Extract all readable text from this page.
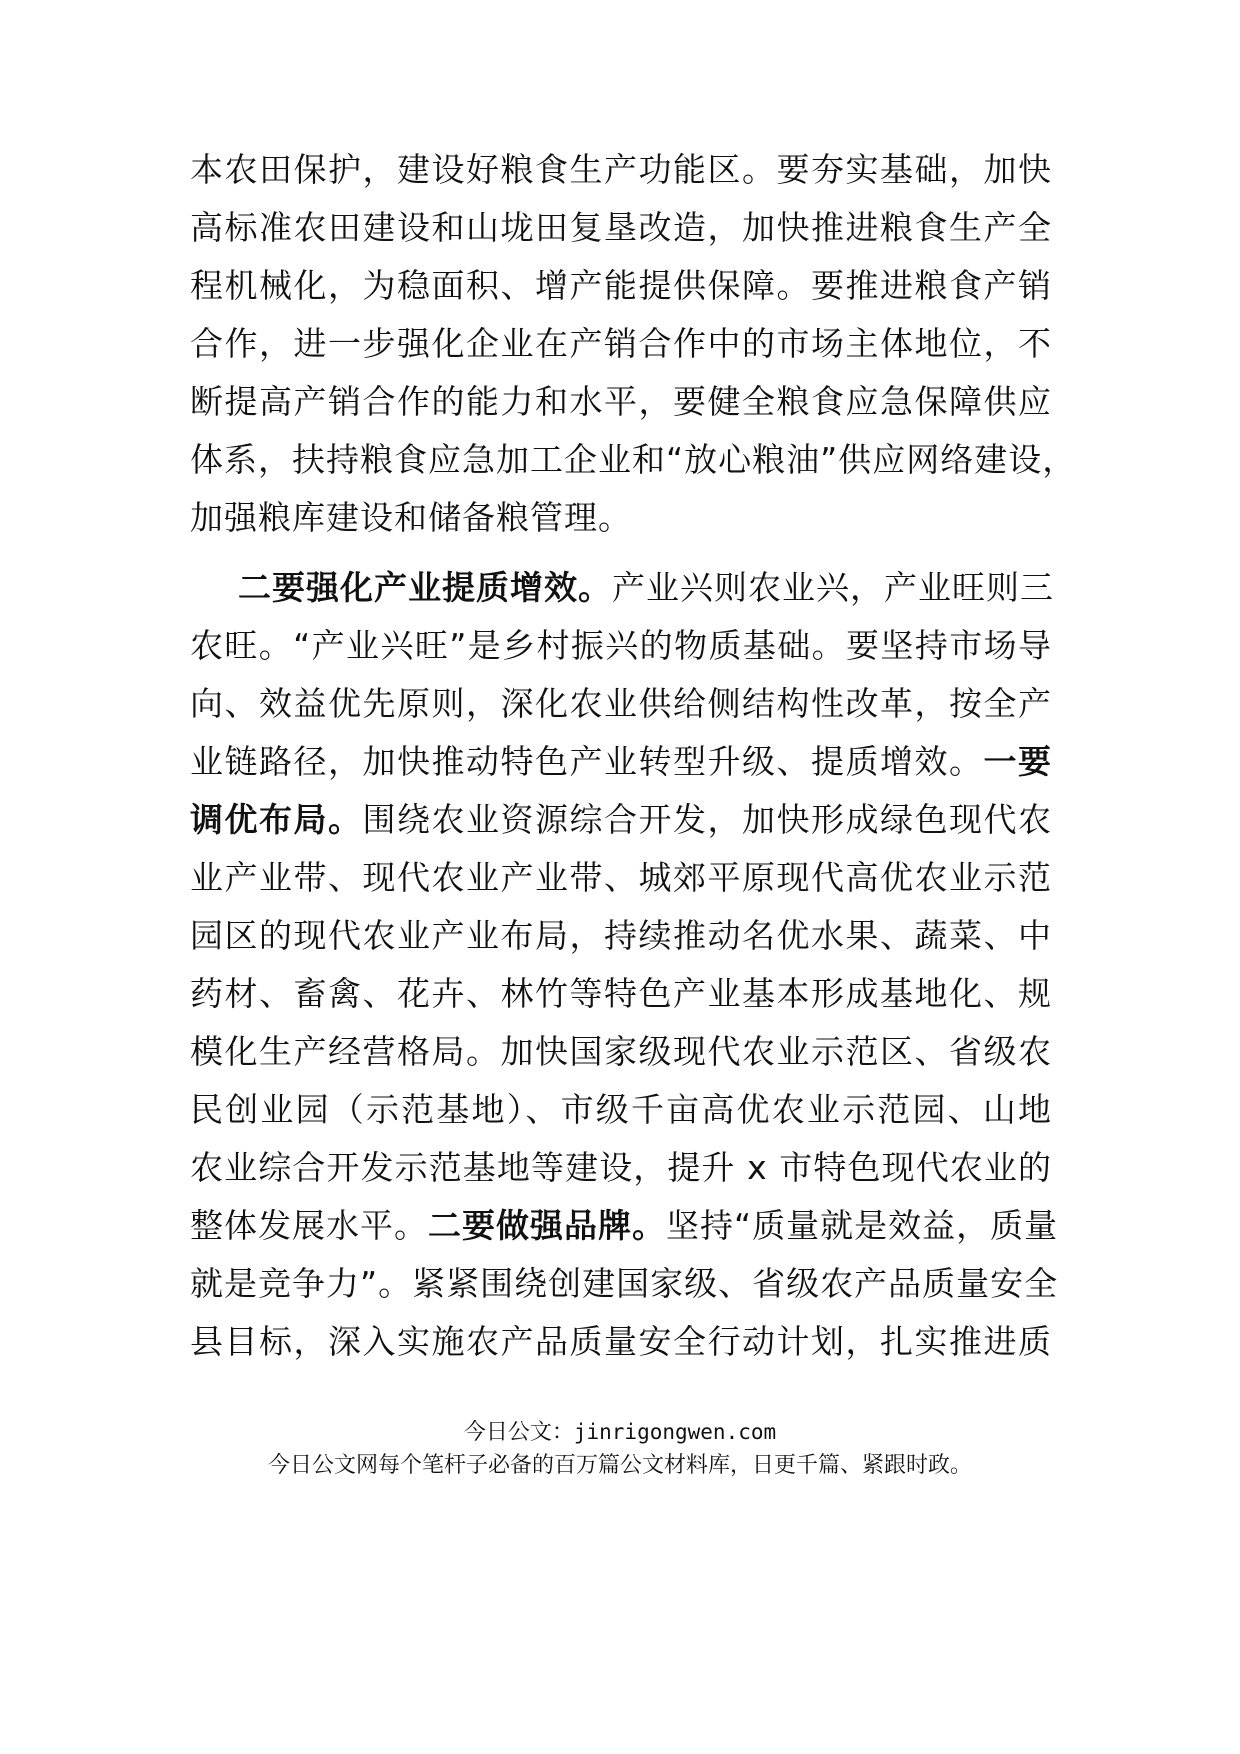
本农田保护，建设好粮食生产功能区。要夯实基础，加快
高标准农田建设和山垅田复垦改造，加快推进粮食生产全
程机械化，为稳面积、增产能提供保障。要推进粮食产销
合作，进一步强化企业在产销合作中的市场主体地位，不
断提高产销合作的能力和水平，要健全粮食应急保障供应
体系，扶持粮食应急加工企业和“放心粮油”供应网络建设，
加强粮库建设和储备粮管理。
二要强化产业提质增效。产业兴则农业兴，产业旺则三
农旺。“产业兴旺”是乡村振兴的物质基础。要坚持市场导
向、效益优先原则，深化农业供给侧结构性改革，按全产
业链路径，加快推动特色产业转型升级、提质增效。一要
调优布局。围绕农业资源综合开发，加快形成绿色现代农
业产业带、现代农业产业带、城郊平原现代高优农业示范
园区的现代农业产业布局，持续推动名优水果、蔬菜、中
药材、畜禽、花卉、林竹等特色产业基本形成基地化、规
模化生产经营格局。加快国家级现代农业示范区、省级农
民创业园（示范基地）、市级千亩高优农业示范园、山地
农业综合开发示范基地等建设，提升 x 市特色现代农业的
整体发展水平。二要做强品牌。坚持“质量就是效益，质量
就是竞争力”。紧紧围绕创建国家级、省级农产品质量安全
县目标，深入实施农产品质量安全行动计划，扎实推进质
今日公文：jinrigongwen.com
今日公文网每个笔杆子必备的百万篇公文材料库，日更千篇、紧跟时政。
